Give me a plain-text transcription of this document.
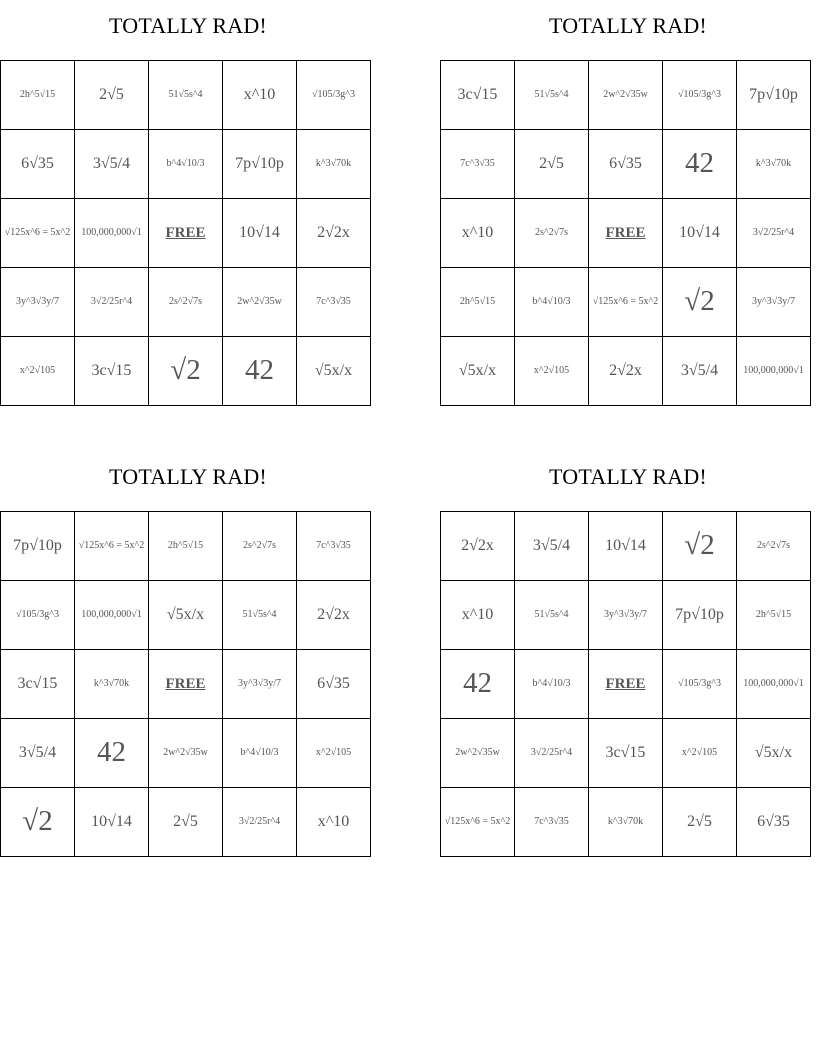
TOTALLY RAD!
2h^5√15	2√5	51√5s^4	x^10	√105/3g^3
6√35	3√5/4	b^4√10/3	7p√10p	k^3√70k
√125x^6 = 5x^2	100,000,000√1	FREE	10√14	2√2x
3y^3√3y/7	3√2/25r^4	2s^2√7s	2w^2√35w	7c^3√35
x^2√105	3c√15	√2	42	√5x/x
TOTALLY RAD!
3c√15	51√5s^4	2w^2√35w	√105/3g^3	7p√10p
7c^3√35	2√5	6√35	42	k^3√70k
x^10	2s^2√7s	FREE	10√14	3√2/25r^4
2h^5√15	b^4√10/3	√125x^6 = 5x^2	√2	3y^3√3y/7
√5x/x	x^2√105	2√2x	3√5/4	100,000,000√1
TOTALLY RAD!
7p√10p	√125x^6 = 5x^2	2h^5√15	2s^2√7s	7c^3√35
√105/3g^3	100,000,000√1	√5x/x	51√5s^4	2√2x
3c√15	k^3√70k	FREE	3y^3√3y/7	6√35
3√5/4	42	2w^2√35w	b^4√10/3	x^2√105
√2	10√14	2√5	3√2/25r^4	x^10
TOTALLY RAD!
2√2x	3√5/4	10√14	√2	2s^2√7s
x^10	51√5s^4	3y^3√3y/7	7p√10p	2h^5√15
42	b^4√10/3	FREE	√105/3g^3	100,000,000√1
2w^2√35w	3√2/25r^4	3c√15	x^2√105	√5x/x
√125x^6 = 5x^2	7c^3√35	k^3√70k	2√5	6√35
